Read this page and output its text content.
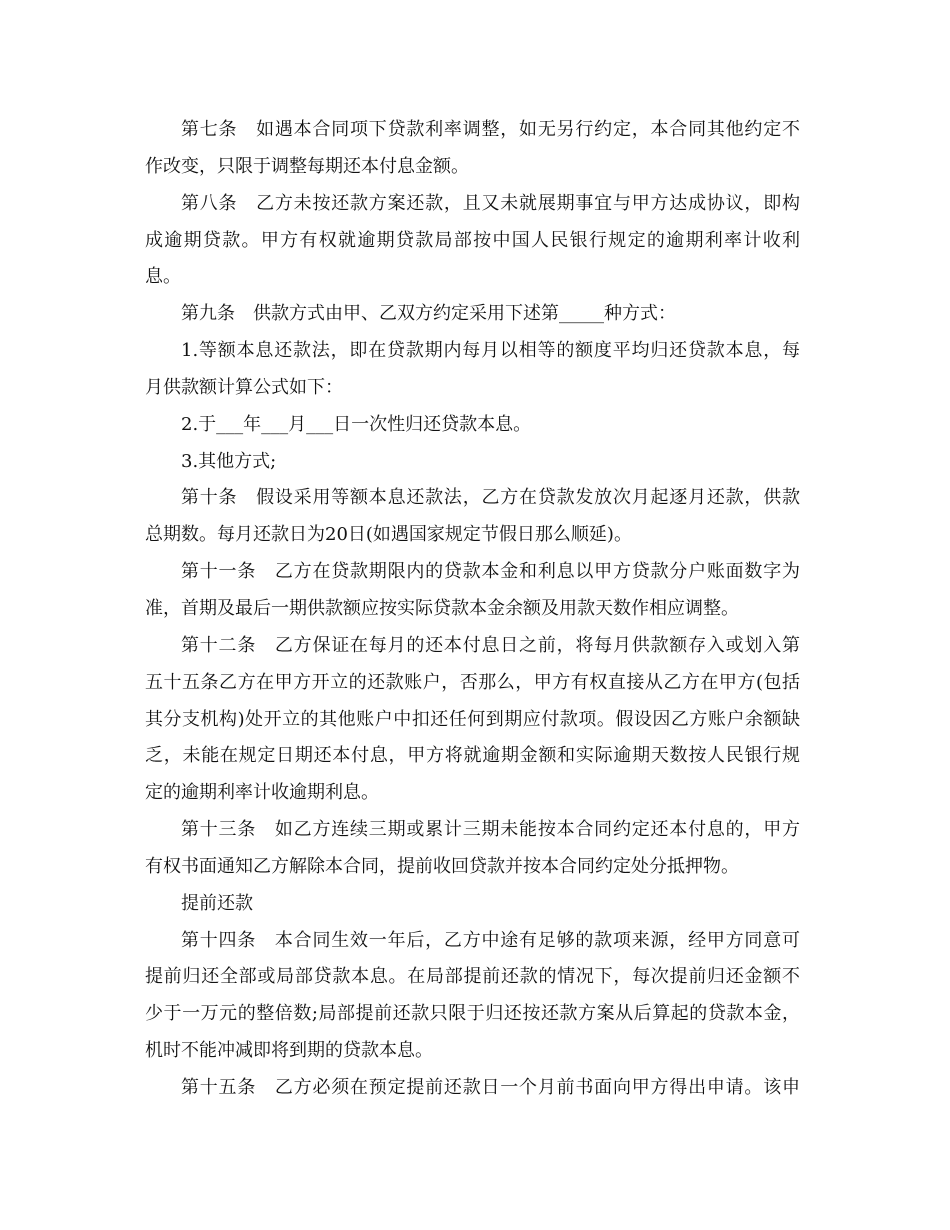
第七条　如遇本合同项下贷款利率调整，如无另行约定，本合同其他约定不
作改变，只限于调整每期还本付息金额。
第八条　乙方未按还款方案还款，且又未就展期事宜与甲方达成协议，即构
成逾期贷款。甲方有权就逾期贷款局部按中国人民银行规定的逾期利率计收利
息。
第九条　供款方式由甲、乙双方约定采用下述第_____种方式：
1.等额本息还款法，即在贷款期内每月以相等的额度平均归还贷款本息，每
月供款额计算公式如下：
2.于___年___月___日一次性归还贷款本息。
3.其他方式;
第十条　假设采用等额本息还款法，乙方在贷款发放次月起逐月还款，供款
总期数。每月还款日为20日(如遇国家规定节假日那么顺延)。
第十一条　乙方在贷款期限内的贷款本金和利息以甲方贷款分户账面数字为
准，首期及最后一期供款额应按实际贷款本金余额及用款天数作相应调整。
第十二条　乙方保证在每月的还本付息日之前，将每月供款额存入或划入第
五十五条乙方在甲方开立的还款账户，否那么，甲方有权直接从乙方在甲方(包括
其分支机构)处开立的其他账户中扣还任何到期应付款项。假设因乙方账户余额缺
乏，未能在规定日期还本付息，甲方将就逾期金额和实际逾期天数按人民银行规
定的逾期利率计收逾期利息。
第十三条　如乙方连续三期或累计三期未能按本合同约定还本付息的，甲方
有权书面通知乙方解除本合同，提前收回贷款并按本合同约定处分抵押物。
提前还款
第十四条　本合同生效一年后，乙方中途有足够的款项来源，经甲方同意可
提前归还全部或局部贷款本息。在局部提前还款的情况下，每次提前归还金额不
少于一万元的整倍数;局部提前还款只限于归还按还款方案从后算起的贷款本金，
机时不能冲减即将到期的贷款本息。
第十五条　乙方必须在预定提前还款日一个月前书面向甲方得出申请。该申
